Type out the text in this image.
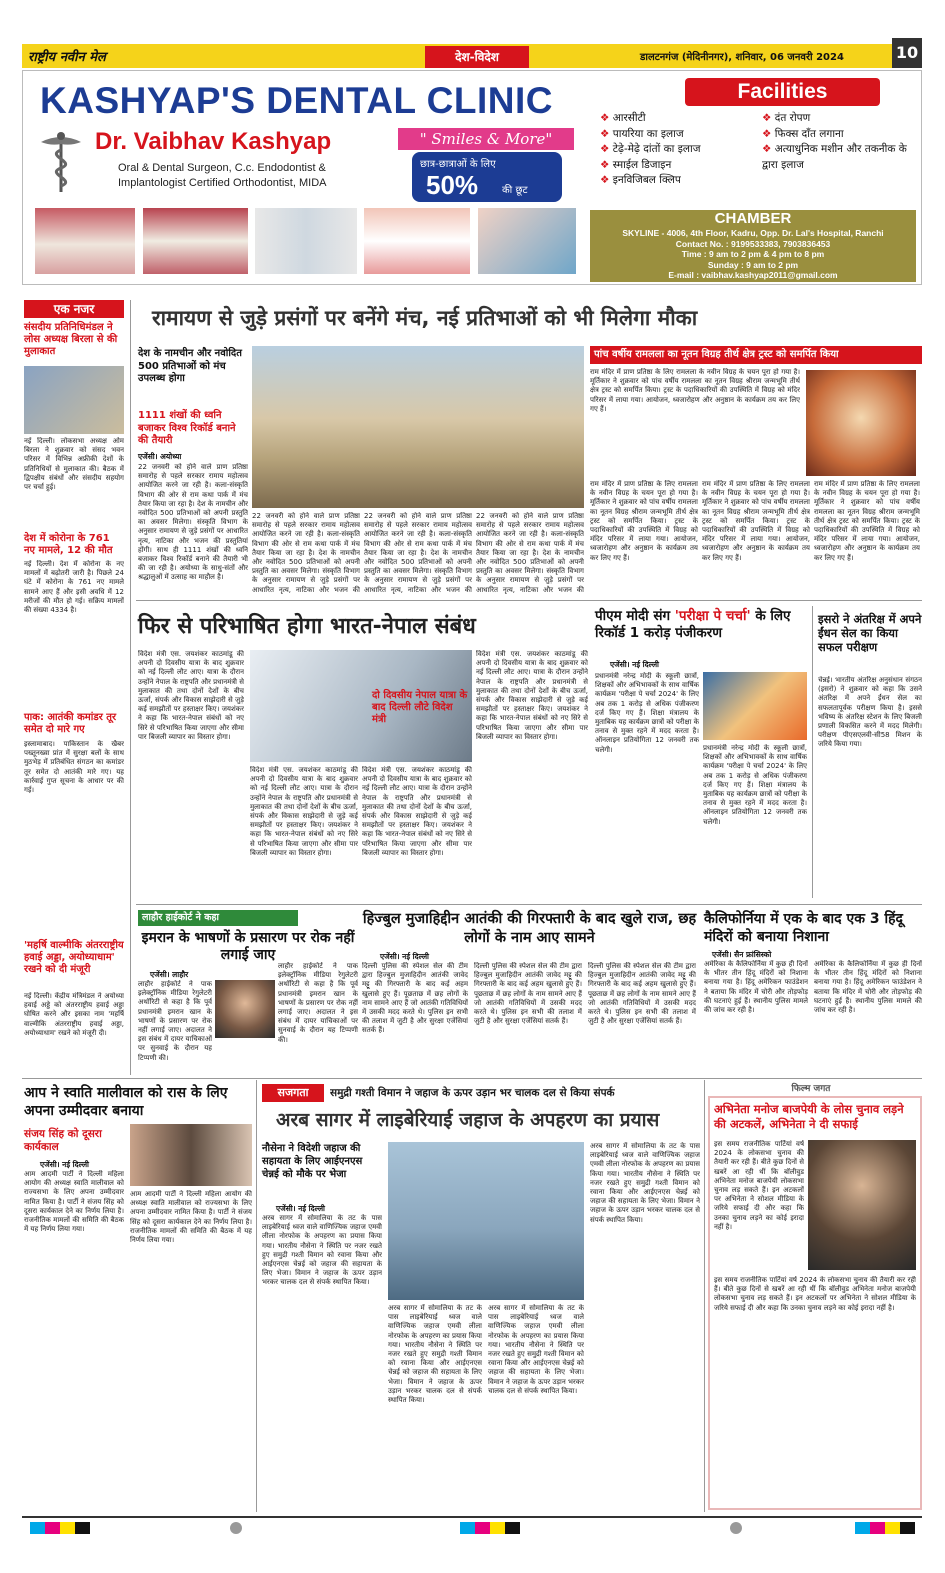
राष्ट्रीय नवीन मेल	देश-विदेश	डालटनगंज (मेदिनीनगर), शनिवार, 06 जनवरी 2024	10
KASHYAP'S DENTAL CLINIC
Dr. Vaibhav Kashyap
Oral & Dental Surgeon, C.c. Endodontist &
Implantologist Certified Orthodontist, MIDA
" Smiles & More"
छात्र-छात्राओं के लिए
50% की छूट
Facilities
❖ आरसीटी
❖ पायरिया का इलाज
❖ टेढ़े-मेढ़े दांतों का इलाज
❖ स्माईल डिजाइन
❖ इनविजिबल क्लिप
❖ दंत रोपण
❖ फिक्स दाँत लगाना
❖ अत्याधुनिक मशीन और तकनीक के द्वारा इलाज
CHAMBER
SKYLINE - 4006, 4th Floor, Kadru, Opp. Dr. Lal's Hospital, Ranchi
Contact No. : 9199533383, 7903836453
Time : 9 am to 2 pm & 4 pm to 8 pm
Sunday : 9 am to 2 pm
E-mail : vaibhav.kashyap2011@gmail.com
एक नजर
संसदीय प्रतिनिधिमंडल ने लोस अध्यक्ष बिरला से की मुलाकात
नई दिल्ली। लोकसभा अध्यक्ष ओम बिरला ने शुक्रवार को संसद भवन परिसर में विभिन्न अफ्रीकी देशों के प्रतिनिधियों से मुलाकात की। बैठक में द्विपक्षीय संबंधों और संसदीय सहयोग पर चर्चा हुई।
देश में कोरोना के 761 नए मामले, 12 की मौत
नई दिल्ली। देश में कोरोना के नए मामलों में बढ़ोतरी जारी है। पिछले 24 घंटे में कोरोना के 761 नए मामले सामने आए हैं और इसी अवधि में 12 मरीजों की मौत हो गई। सक्रिय मामलों की संख्या 4334 है।
पाक: आतंकी कमांडर तूर समेत दो मारे गए
इस्लामाबाद। पाकिस्तान के खैबर पख्तूनख्वा प्रांत में सुरक्षा बलों के साथ मुठभेड़ में प्रतिबंधित संगठन का कमांडर तूर समेत दो आतंकी मारे गए। यह कार्रवाई गुप्त सूचना के आधार पर की गई।
'महर्षि वाल्मीकि अंतरराष्ट्रीय हवाई अड्डा, अयोध्याधाम' रखने को दी मंजूरी
नई दिल्ली। केंद्रीय मंत्रिमंडल ने अयोध्या हवाई अड्डे को अंतरराष्ट्रीय हवाई अड्डा घोषित करने और इसका नाम 'महर्षि वाल्मीकि अंतरराष्ट्रीय हवाई अड्डा, अयोध्याधाम' रखने को मंजूरी दी।
रामायण से जुड़े प्रसंगों पर बनेंगे मंच, नई प्रतिभाओं को भी मिलेगा मौका
देश के नामचीन और नवोदित 500 प्रतिभाओं को मंच उपलब्ध होगा
1111 शंखों की ध्वनि बजाकर विश्व रिकॉर्ड बनाने की तैयारी
एजेंसी। अयोध्या
22 जनवरी को होने वाले प्राण प्रतिष्ठा समारोह से पहले सरकार रामाय महोत्सव आयोजित करने जा रही है। कला-संस्कृति विभाग की ओर से राम कथा पार्क में मंच तैयार किया जा रहा है। देश के नामचीन और नवोदित 500 प्रतिभाओं को अपनी प्रस्तुति का अवसर मिलेगा। संस्कृति विभाग के अनुसार रामायण से जुड़े प्रसंगों पर आधारित नृत्य, नाटिका और भजन की प्रस्तुतियां होंगी। साथ ही 1111 शंखों की ध्वनि बजाकर विश्व रिकॉर्ड बनाने की तैयारी भी की जा रही है। अयोध्या के साधु-संतों और श्रद्धालुओं में उत्साह का माहौल है।
22 जनवरी को होने वाले प्राण प्रतिष्ठा समारोह से पहले सरकार रामाय महोत्सव आयोजित करने जा रही है। कला-संस्कृति विभाग की ओर से राम कथा पार्क में मंच तैयार किया जा रहा है। देश के नामचीन और नवोदित 500 प्रतिभाओं को अपनी प्रस्तुति का अवसर मिलेगा। संस्कृति विभाग के अनुसार रामायण से जुड़े प्रसंगों पर आधारित नृत्य, नाटिका और भजन की
22 जनवरी को होने वाले प्राण प्रतिष्ठा समारोह से पहले सरकार रामाय महोत्सव आयोजित करने जा रही है। कला-संस्कृति विभाग की ओर से राम कथा पार्क में मंच तैयार किया जा रहा है। देश के नामचीन और नवोदित 500 प्रतिभाओं को अपनी प्रस्तुति का अवसर मिलेगा। संस्कृति विभाग के अनुसार रामायण से जुड़े प्रसंगों पर आधारित नृत्य, नाटिका और भजन की
22 जनवरी को होने वाले प्राण प्रतिष्ठा समारोह से पहले सरकार रामाय महोत्सव आयोजित करने जा रही है। कला-संस्कृति विभाग की ओर से राम कथा पार्क में मंच तैयार किया जा रहा है। देश के नामचीन और नवोदित 500 प्रतिभाओं को अपनी प्रस्तुति का अवसर मिलेगा। संस्कृति विभाग के अनुसार रामायण से जुड़े प्रसंगों पर आधारित नृत्य, नाटिका और भजन की
पांच वर्षीय रामलला का नूतन विग्रह तीर्थ क्षेत्र ट्रस्ट को समर्पित किया
राम मंदिर में प्राण प्रतिष्ठा के लिए रामलला के नवीन विग्रह के चयन पूरा हो गया है। मूर्तिकार ने शुक्रवार को पांच वर्षीय रामलला का नूतन विग्रह श्रीराम जन्मभूमि तीर्थ क्षेत्र ट्रस्ट को समर्पित किया। ट्रस्ट के पदाधिकारियों की उपस्थिति में विग्रह को मंदिर परिसर में लाया गया। आयोजन, ध्वजारोहण और अनुष्ठान के कार्यक्रम तय कर लिए गए हैं।
राम मंदिर में प्राण प्रतिष्ठा के लिए रामलला के नवीन विग्रह के चयन पूरा हो गया है। मूर्तिकार ने शुक्रवार को पांच वर्षीय रामलला का नूतन विग्रह श्रीराम जन्मभूमि तीर्थ क्षेत्र ट्रस्ट को समर्पित किया। ट्रस्ट के पदाधिकारियों की उपस्थिति में विग्रह को मंदिर परिसर में लाया गया। आयोजन, ध्वजारोहण और अनुष्ठान के कार्यक्रम तय कर लिए गए हैं।
राम मंदिर में प्राण प्रतिष्ठा के लिए रामलला के नवीन विग्रह के चयन पूरा हो गया है। मूर्तिकार ने शुक्रवार को पांच वर्षीय रामलला का नूतन विग्रह श्रीराम जन्मभूमि तीर्थ क्षेत्र ट्रस्ट को समर्पित किया। ट्रस्ट के पदाधिकारियों की उपस्थिति में विग्रह को मंदिर परिसर में लाया गया। आयोजन, ध्वजारोहण और अनुष्ठान के कार्यक्रम तय कर लिए गए हैं।
राम मंदिर में प्राण प्रतिष्ठा के लिए रामलला के नवीन विग्रह के चयन पूरा हो गया है। मूर्तिकार ने शुक्रवार को पांच वर्षीय रामलला का नूतन विग्रह श्रीराम जन्मभूमि तीर्थ क्षेत्र ट्रस्ट को समर्पित किया। ट्रस्ट के पदाधिकारियों की उपस्थिति में विग्रह को मंदिर परिसर में लाया गया। आयोजन, ध्वजारोहण और अनुष्ठान के कार्यक्रम तय कर लिए गए हैं।
फिर से परिभाषित होगा भारत-नेपाल संबंध
विदेश मंत्री एस. जयशंकर काठमांडू की अपनी दो दिवसीय यात्रा के बाद शुक्रवार को नई दिल्ली लौट आए। यात्रा के दौरान उन्होंने नेपाल के राष्ट्रपति और प्रधानमंत्री से मुलाकात की तथा दोनों देशों के बीच ऊर्जा, संपर्क और विकास साझेदारी से जुड़े कई समझौतों पर हस्ताक्षर किए। जयशंकर ने कहा कि भारत-नेपाल संबंधों को नए सिरे से परिभाषित किया जाएगा और सीमा पार बिजली व्यापार का विस्तार होगा।
दो दिवसीय नेपाल यात्रा के बाद दिल्ली लौटे विदेश मंत्री
विदेश मंत्री एस. जयशंकर काठमांडू की अपनी दो दिवसीय यात्रा के बाद शुक्रवार को नई दिल्ली लौट आए। यात्रा के दौरान उन्होंने नेपाल के राष्ट्रपति और प्रधानमंत्री से मुलाकात की तथा दोनों देशों के बीच ऊर्जा, संपर्क और विकास साझेदारी से जुड़े कई समझौतों पर हस्ताक्षर किए। जयशंकर ने कहा कि भारत-नेपाल संबंधों को नए सिरे से परिभाषित किया जाएगा और सीमा पार बिजली व्यापार का विस्तार होगा।
विदेश मंत्री एस. जयशंकर काठमांडू की अपनी दो दिवसीय यात्रा के बाद शुक्रवार को नई दिल्ली लौट आए। यात्रा के दौरान उन्होंने नेपाल के राष्ट्रपति और प्रधानमंत्री से मुलाकात की तथा दोनों देशों के बीच ऊर्जा, संपर्क और विकास साझेदारी से जुड़े कई समझौतों पर हस्ताक्षर किए। जयशंकर ने कहा कि भारत-नेपाल संबंधों को नए सिरे से परिभाषित किया जाएगा और सीमा पार बिजली व्यापार का विस्तार होगा।
विदेश मंत्री एस. जयशंकर काठमांडू की अपनी दो दिवसीय यात्रा के बाद शुक्रवार को नई दिल्ली लौट आए। यात्रा के दौरान उन्होंने नेपाल के राष्ट्रपति और प्रधानमंत्री से मुलाकात की तथा दोनों देशों के बीच ऊर्जा, संपर्क और विकास साझेदारी से जुड़े कई समझौतों पर हस्ताक्षर किए। जयशंकर ने कहा कि भारत-नेपाल संबंधों को नए सिरे से परिभाषित किया जाएगा और सीमा पार बिजली व्यापार का विस्तार होगा।
पीएम मोदी संग 'परीक्षा पे चर्चा' के लिए रिकॉर्ड 1 करोड़ पंजीकरण
एजेंसी। नई दिल्ली
प्रधानमंत्री नरेन्द्र मोदी के स्कूली छात्रों, शिक्षकों और अभिभावकों के साथ वार्षिक कार्यक्रम 'परीक्षा पे चर्चा 2024' के लिए अब तक 1 करोड़ से अधिक पंजीकरण दर्ज किए गए हैं। शिक्षा मंत्रालय के मुताबिक यह कार्यक्रम छात्रों को परीक्षा के तनाव से मुक्त रहने में मदद करता है। ऑनलाइन प्रतियोगिता 12 जनवरी तक चलेगी।	प्रधानमंत्री नरेन्द्र मोदी के स्कूली छात्रों, शिक्षकों और अभिभावकों के साथ वार्षिक कार्यक्रम 'परीक्षा पे चर्चा 2024' के लिए अब तक 1 करोड़ से अधिक पंजीकरण दर्ज किए गए हैं। शिक्षा मंत्रालय के मुताबिक यह कार्यक्रम छात्रों को परीक्षा के तनाव से मुक्त रहने में मदद करता है। ऑनलाइन प्रतियोगिता 12 जनवरी तक चलेगी।
इसरो ने अंतरिक्ष में अपने ईंधन सेल का किया सफल परीक्षण
चेन्नई। भारतीय अंतरिक्ष अनुसंधान संगठन (इसरो) ने शुक्रवार को कहा कि उसने अंतरिक्ष में अपने ईंधन सेल का सफलतापूर्वक परीक्षण किया है। इससे भविष्य के अंतरिक्ष स्टेशन के लिए बिजली प्रणाली विकसित करने में मदद मिलेगी। परीक्षण पीएसएलवी-सी58 मिशन के जरिये किया गया।
लाहौर हाईकोर्ट ने कहा
इमरान के भाषणों के प्रसारण पर रोक नहीं लगाई जाए
एजेंसी। लाहौर
लाहौर हाईकोर्ट ने पाक इलेक्ट्रॉनिक मीडिया रेगुलेटरी अथॉरिटी से कहा है कि पूर्व प्रधानमंत्री इमरान खान के भाषणों के प्रसारण पर रोक नहीं लगाई जाए। अदालत ने इस संबंध में दायर याचिकाओं पर सुनवाई के दौरान यह टिप्पणी की।
लाहौर हाईकोर्ट ने पाक इलेक्ट्रॉनिक मीडिया रेगुलेटरी अथॉरिटी से कहा है कि पूर्व प्रधानमंत्री इमरान खान के भाषणों के प्रसारण पर रोक नहीं लगाई जाए। अदालत ने इस संबंध में दायर याचिकाओं पर सुनवाई के दौरान यह टिप्पणी की।
हिज्बुल मुजाहिद्दीन आतंकी की गिरफ्तारी के बाद खुले राज, छह लोगों के नाम आए सामने
एजेंसी। नई दिल्ली
दिल्ली पुलिस की स्पेशल सेल की टीम द्वारा हिज्बुल मुजाहिदीन आतंकी जावेद मट्टू की गिरफ्तारी के बाद कई अहम खुलासे हुए हैं। पूछताछ में छह लोगों के नाम सामने आए हैं जो आतंकी गतिविधियों में उसकी मदद करते थे। पुलिस इन सभी की तलाश में जुटी है और सुरक्षा एजेंसियां सतर्क हैं।
दिल्ली पुलिस की स्पेशल सेल की टीम द्वारा हिज्बुल मुजाहिदीन आतंकी जावेद मट्टू की गिरफ्तारी के बाद कई अहम खुलासे हुए हैं। पूछताछ में छह लोगों के नाम सामने आए हैं जो आतंकी गतिविधियों में उसकी मदद करते थे। पुलिस इन सभी की तलाश में जुटी है और सुरक्षा एजेंसियां सतर्क हैं।
दिल्ली पुलिस की स्पेशल सेल की टीम द्वारा हिज्बुल मुजाहिदीन आतंकी जावेद मट्टू की गिरफ्तारी के बाद कई अहम खुलासे हुए हैं। पूछताछ में छह लोगों के नाम सामने आए हैं जो आतंकी गतिविधियों में उसकी मदद करते थे। पुलिस इन सभी की तलाश में जुटी है और सुरक्षा एजेंसियां सतर्क हैं।
कैलिफोर्निया में एक के बाद एक 3 हिंदू मंदिरों को बनाया निशाना
एजेंसी। सैन फ्रांसिस्को
अमेरिका के कैलिफोर्निया में कुछ ही दिनों के भीतर तीन हिंदू मंदिरों को निशाना बनाया गया है। हिंदू अमेरिकन फाउंडेशन ने बताया कि मंदिर में चोरी और तोड़फोड़ की घटनाएं हुई हैं। स्थानीय पुलिस मामले की जांच कर रही है।
अमेरिका के कैलिफोर्निया में कुछ ही दिनों के भीतर तीन हिंदू मंदिरों को निशाना बनाया गया है। हिंदू अमेरिकन फाउंडेशन ने बताया कि मंदिर में चोरी और तोड़फोड़ की घटनाएं हुई हैं। स्थानीय पुलिस मामले की जांच कर रही है।
आप ने स्वाति मालीवाल को रास के लिए अपना उम्मीदवार बनाया
संजय सिंह को दूसरा कार्यकाल
एजेंसी। नई दिल्ली
आम आदमी पार्टी ने दिल्ली महिला आयोग की अध्यक्ष स्वाति मालीवाल को राज्यसभा के लिए अपना उम्मीदवार नामित किया है। पार्टी ने संजय सिंह को दूसरा कार्यकाल देने का निर्णय लिया है। राजनीतिक मामलों की समिति की बैठक में यह निर्णय लिया गया।
आम आदमी पार्टी ने दिल्ली महिला आयोग की अध्यक्ष स्वाति मालीवाल को राज्यसभा के लिए अपना उम्मीदवार नामित किया है। पार्टी ने संजय सिंह को दूसरा कार्यकाल देने का निर्णय लिया है। राजनीतिक मामलों की समिति की बैठक में यह निर्णय लिया गया।
सजगता	समुद्री गश्ती विमान ने जहाज के ऊपर उड़ान भर चालक दल से किया संपर्क
अरब सागर में लाइबेरियाई जहाज के अपहरण का प्रयास
नौसेना ने विदेशी जहाज की सहायता के लिए आईएनएस चेन्नई को मौके पर भेजा
एजेंसी। नई दिल्ली
अरब सागर में सोमालिया के तट के पास लाइबेरियाई ध्वज वाले वाणिज्यिक जहाज एमवी लीला नोरफोक के अपहरण का प्रयास किया गया। भारतीय नौसेना ने स्थिति पर नजर रखते हुए समुद्री गश्ती विमान को रवाना किया और आईएनएस चेन्नई को जहाज की सहायता के लिए भेजा। विमान ने जहाज के ऊपर उड़ान भरकर चालक दल से संपर्क स्थापित किया।
अरब सागर में सोमालिया के तट के पास लाइबेरियाई ध्वज वाले वाणिज्यिक जहाज एमवी लीला नोरफोक के अपहरण का प्रयास किया गया। भारतीय नौसेना ने स्थिति पर नजर रखते हुए समुद्री गश्ती विमान को रवाना किया और आईएनएस चेन्नई को जहाज की सहायता के लिए भेजा। विमान ने जहाज के ऊपर उड़ान भरकर चालक दल से संपर्क स्थापित किया।
अरब सागर में सोमालिया के तट के पास लाइबेरियाई ध्वज वाले वाणिज्यिक जहाज एमवी लीला नोरफोक के अपहरण का प्रयास किया गया। भारतीय नौसेना ने स्थिति पर नजर रखते हुए समुद्री गश्ती विमान को रवाना किया और आईएनएस चेन्नई को जहाज की सहायता के लिए भेजा। विमान ने जहाज के ऊपर उड़ान भरकर चालक दल से संपर्क स्थापित किया।
अरब सागर में सोमालिया के तट के पास लाइबेरियाई ध्वज वाले वाणिज्यिक जहाज एमवी लीला नोरफोक के अपहरण का प्रयास किया गया। भारतीय नौसेना ने स्थिति पर नजर रखते हुए समुद्री गश्ती विमान को रवाना किया और आईएनएस चेन्नई को जहाज की सहायता के लिए भेजा। विमान ने जहाज के ऊपर उड़ान भरकर चालक दल से संपर्क स्थापित किया।
फिल्म जगत
अभिनेता मनोज बाजपेयी के लोस चुनाव लड़ने की अटकलें, अभिनेता ने दी सफाई
इस समय राजनीतिक पार्टियां वर्ष 2024 के लोकसभा चुनाव की तैयारी कर रही हैं। बीते कुछ दिनों से खबरें आ रही थीं कि बॉलीवुड अभिनेता मनोज बाजपेयी लोकसभा चुनाव लड़ सकते हैं। इन अटकलों पर अभिनेता ने सोशल मीडिया के जरिये सफाई दी और कहा कि उनका चुनाव लड़ने का कोई इरादा नहीं है।
इस समय राजनीतिक पार्टियां वर्ष 2024 के लोकसभा चुनाव की तैयारी कर रही हैं। बीते कुछ दिनों से खबरें आ रही थीं कि बॉलीवुड अभिनेता मनोज बाजपेयी लोकसभा चुनाव लड़ सकते हैं। इन अटकलों पर अभिनेता ने सोशल मीडिया के जरिये सफाई दी और कहा कि उनका चुनाव लड़ने का कोई इरादा नहीं है।
